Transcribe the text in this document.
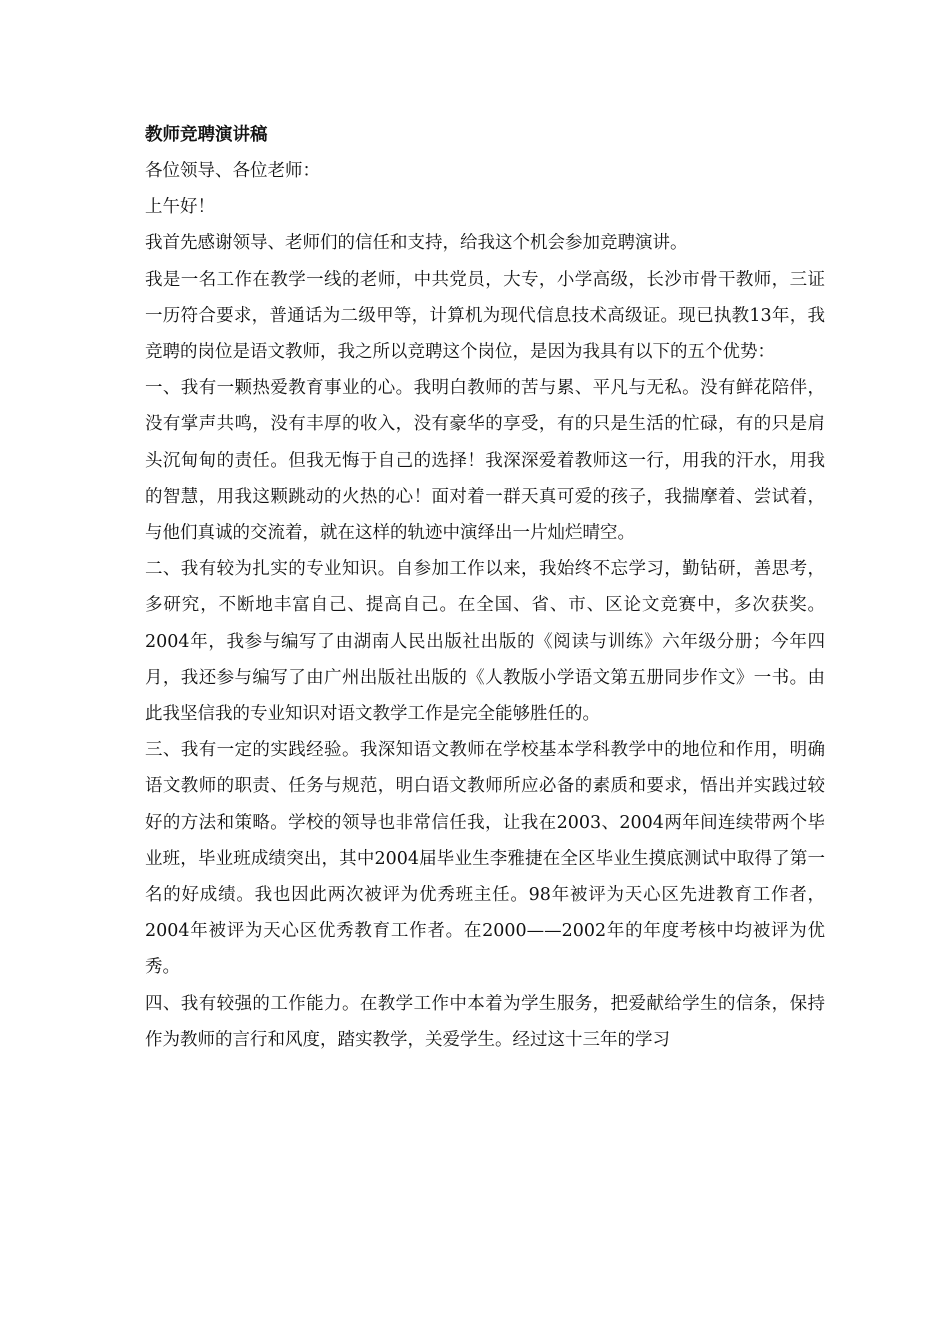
教师竞聘演讲稿

各位领导、各位老师：

上午好！

我首先感谢领导、老师们的信任和支持，给我这个机会参加竞聘演讲。

我是一名工作在教学一线的老师，中共党员，大专，小学高级，长沙市骨干教师，三证一历符合要求，普通话为二级甲等，计算机为现代信息技术高级证。现已执教13年，我竞聘的岗位是语文教师，我之所以竞聘这个岗位，是因为我具有以下的五个优势：

一、我有一颗热爱教育事业的心。我明白教师的苦与累、平凡与无私。没有鲜花陪伴，没有掌声共鸣，没有丰厚的收入，没有豪华的享受，有的只是生活的忙碌，有的只是肩头沉甸甸的责任。但我无悔于自己的选择！我深深爱着教师这一行，用我的汗水，用我的智慧，用我这颗跳动的火热的心！面对着一群天真可爱的孩子，我揣摩着、尝试着，与他们真诚的交流着，就在这样的轨迹中演绎出一片灿烂晴空。

二、我有较为扎实的专业知识。自参加工作以来，我始终不忘学习，勤钻研，善思考，多研究，不断地丰富自己、提高自己。在全国、省、市、区论文竞赛中，多次获奖。2004年，我参与编写了由湖南人民出版社出版的《阅读与训练》六年级分册；今年四月，我还参与编写了由广州出版社出版的《人教版小学语文第五册同步作文》一书。由此我坚信我的专业知识对语文教学工作是完全能够胜任的。

三、我有一定的实践经验。我深知语文教师在学校基本学科教学中的地位和作用，明确语文教师的职责、任务与规范，明白语文教师所应必备的素质和要求，悟出并实践过较好的方法和策略。学校的领导也非常信任我，让我在2003、2004两年间连续带两个毕业班，毕业班成绩突出，其中2004届毕业生李雅捷在全区毕业生摸底测试中取得了第一名的好成绩。我也因此两次被评为优秀班主任。98年被评为天心区先进教育工作者，2004年被评为天心区优秀教育工作者。在2000——2002年的年度考核中均被评为优秀。

四、我有较强的工作能力。在教学工作中本着为学生服务，把爱献给学生的信条，保持作为教师的言行和风度，踏实教学，关爱学生。经过这十三年的学习
